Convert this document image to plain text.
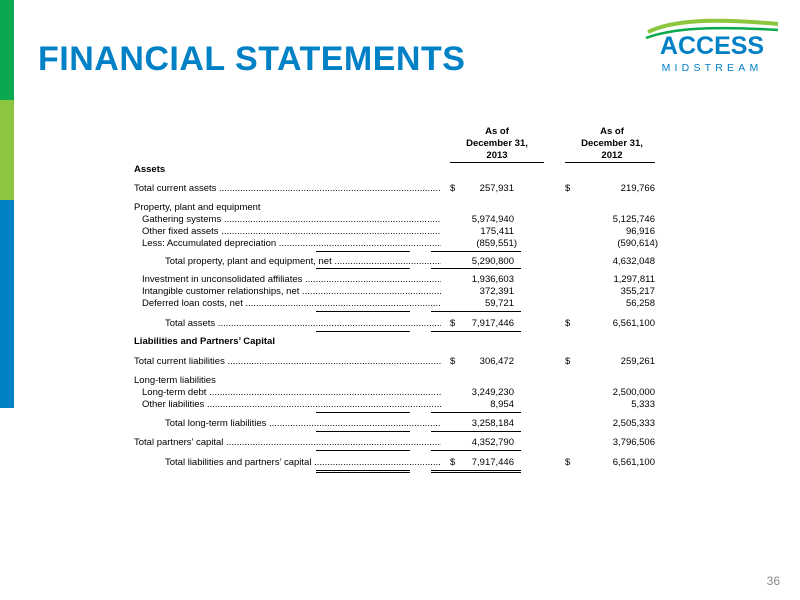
FINANCIAL STATEMENTS	ACCESS
MIDSTREAM
As of
December 31,
2013
As of
December 31,
2012
Assets
Total current assets .....	$	257,931	$	219,766
Property, plant and equipment
Gathering systems .....	5,974,940	5,125,746
Other fixed assets .....	175,411	96,916
Less: Accumulated depreciation .....	(859,551)	(590,614)
Total property, plant and equipment, net .....	5,290,800	4,632,048
Investment in unconsolidated affiliates .....	1,936,603	1,297,811
Intangible customer relationships, net .....	372,391	355,217
Deferred loan costs, net .....	59,721	56,258
Total assets .....	$	7,917,446	$	6,561,100
Liabilities and Partners’ Capital
Total current liabilities .....	$	306,472	$	259,261
Long-term liabilities
Long-term debt .....	3,249,230	2,500,000
Other liabilities .....	8,954	5,333
Total long-term liabilities .....	3,258,184	2,505,333
Total partners’ capital .....	4,352,790	3,796,506
Total liabilities and partners’ capital .....	$	7,917,446	$	6,561,100
36
